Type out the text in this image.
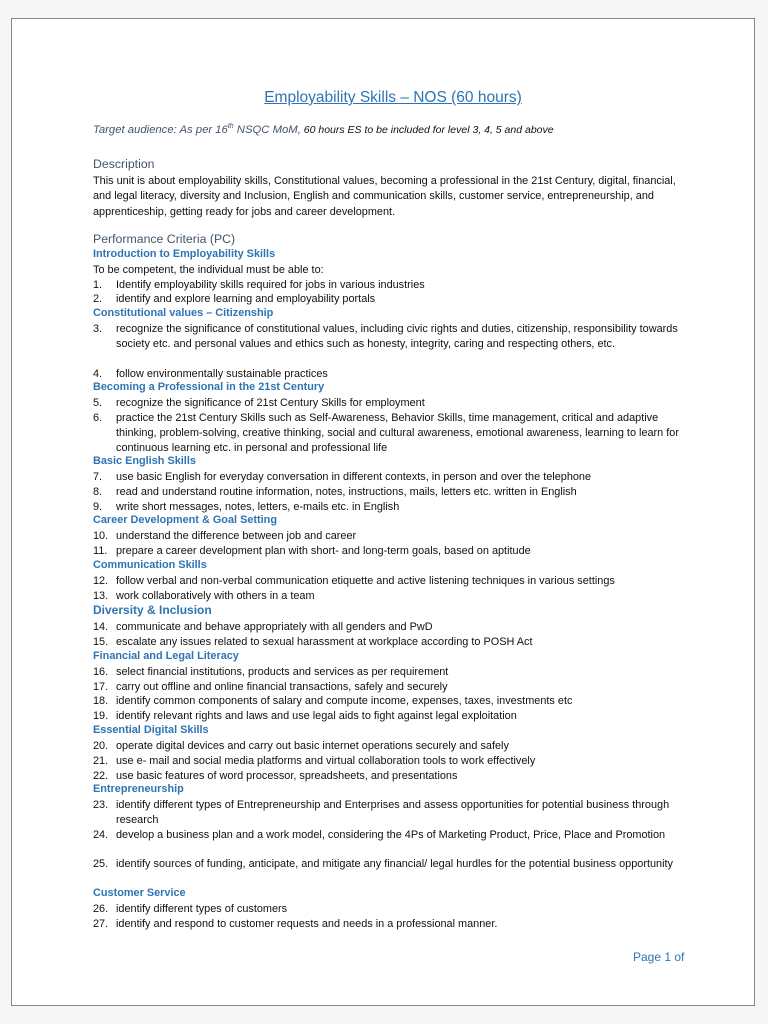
Employability Skills – NOS (60 hours)
Target audience: As per 16th NSQC MoM, 60 hours ES to be included for level 3, 4, 5 and above
Description
This unit is about employability skills, Constitutional values, becoming a professional in the 21st Century, digital, financial, and legal literacy, diversity and Inclusion, English and communication skills, customer service, entrepreneurship, and apprenticeship, getting ready for jobs and career development.
Performance Criteria (PC)
Introduction to Employability Skills
To be competent, the individual must be able to:
1. Identify employability skills required for jobs in various industries
2. identify and explore learning and employability portals
Constitutional values – Citizenship
3. recognize the significance of constitutional values, including civic rights and duties, citizenship, responsibility towards society etc. and personal values and ethics such as honesty, integrity, caring and respecting others, etc.
4. follow environmentally sustainable practices
Becoming a Professional in the 21st Century
5. recognize the significance of 21st Century Skills for employment
6. practice the 21st Century Skills such as Self-Awareness, Behavior Skills, time management, critical and adaptive thinking, problem-solving, creative thinking, social and cultural awareness, emotional awareness, learning to learn for continuous learning etc. in personal and professional life
Basic English Skills
7. use basic English for everyday conversation in different contexts, in person and over the telephone
8. read and understand routine information, notes, instructions, mails, letters etc. written in English
9. write short messages, notes, letters, e-mails etc. in English
Career Development & Goal Setting
10. understand the difference between job and career
11. prepare a career development plan with short- and long-term goals, based on aptitude
Communication Skills
12. follow verbal and non-verbal communication etiquette and active listening techniques in various settings
13. work collaboratively with others in a team
Diversity & Inclusion
14. communicate and behave appropriately with all genders and PwD
15. escalate any issues related to sexual harassment at workplace according to POSH Act
Financial and Legal Literacy
16. select financial institutions, products and services as per requirement
17. carry out offline and online financial transactions, safely and securely
18. identify common components of salary and compute income, expenses, taxes, investments etc
19. identify relevant rights and laws and use legal aids to fight against legal exploitation
Essential Digital Skills
20. operate digital devices and carry out basic internet operations securely and safely
21. use e- mail and social media platforms and virtual collaboration tools to work effectively
22. use basic features of word processor, spreadsheets, and presentations
Entrepreneurship
23. identify different types of Entrepreneurship and Enterprises and assess opportunities for potential business through research
24. develop a business plan and a work model, considering the 4Ps of Marketing Product, Price, Place and Promotion
25. identify sources of funding, anticipate, and mitigate any financial/ legal hurdles for the potential business opportunity
Customer Service
26. identify different types of customers
27. identify and respond to customer requests and needs in a professional manner.
Page 1 of
